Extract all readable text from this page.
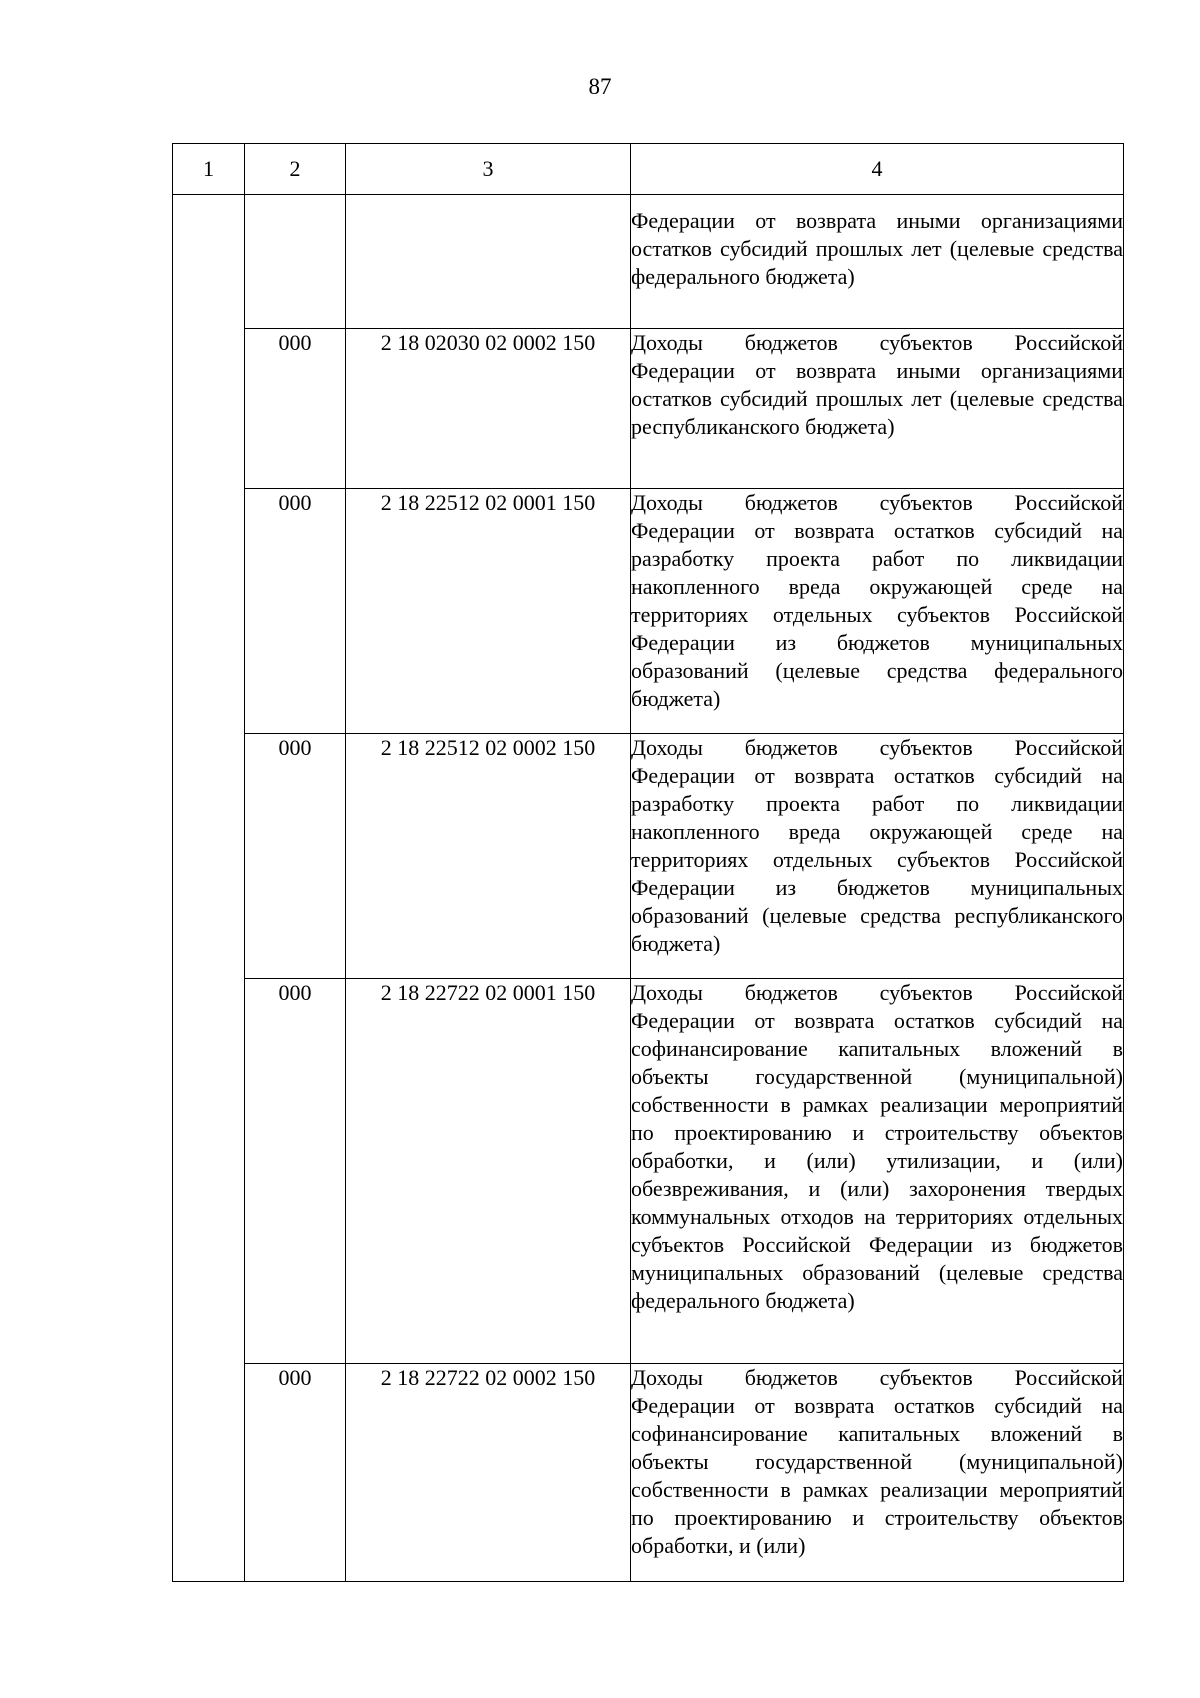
87
1	2	3	4

			Федерации от возврата иными организациями остатков субсидий прошлых лет (целевые средства федерального бюджета)

	000	2 18 02030 02 0002 150	Доходы бюджетов субъектов Российской Федерации от возврата иными организациями остатков субсидий прошлых лет (целевые средства республиканского бюджета)

	000	2 18 22512 02 0001 150	Доходы бюджетов субъектов Российской Федерации от возврата остатков субсидий на разработку проекта работ по ликвидации накопленного вреда окружающей среде на территориях отдельных субъектов Российской Федерации из бюджетов муниципальных образований (целевые средства федерального бюджета)

	000	2 18 22512 02 0002 150	Доходы бюджетов субъектов Российской Федерации от возврата остатков субсидий на разработку проекта работ по ликвидации накопленного вреда окружающей среде на территориях отдельных субъектов Российской Федерации из бюджетов муниципальных образований (целевые средства республиканского бюджета)

	000	2 18 22722 02 0001 150	Доходы бюджетов субъектов Российской Федерации от возврата остатков субсидий на софинансирование капитальных вложений в объекты государственной (муниципальной) собственности в рамках реализации мероприятий по проектированию и строительству объектов обработки, и (или) утилизации, и (или) обезвреживания, и (или) захоронения твердых коммунальных отходов на территориях отдельных субъектов Российской Федерации из бюджетов муниципальных образований (целевые средства федерального бюджета)

	000	2 18 22722 02 0002 150	Доходы бюджетов субъектов Российской Федерации от возврата остатков субсидий на софинансирование капитальных вложений в объекты государственной (муниципальной) собственности в рамках реализации мероприятий по проектированию и строительству объектов обработки, и (или)
